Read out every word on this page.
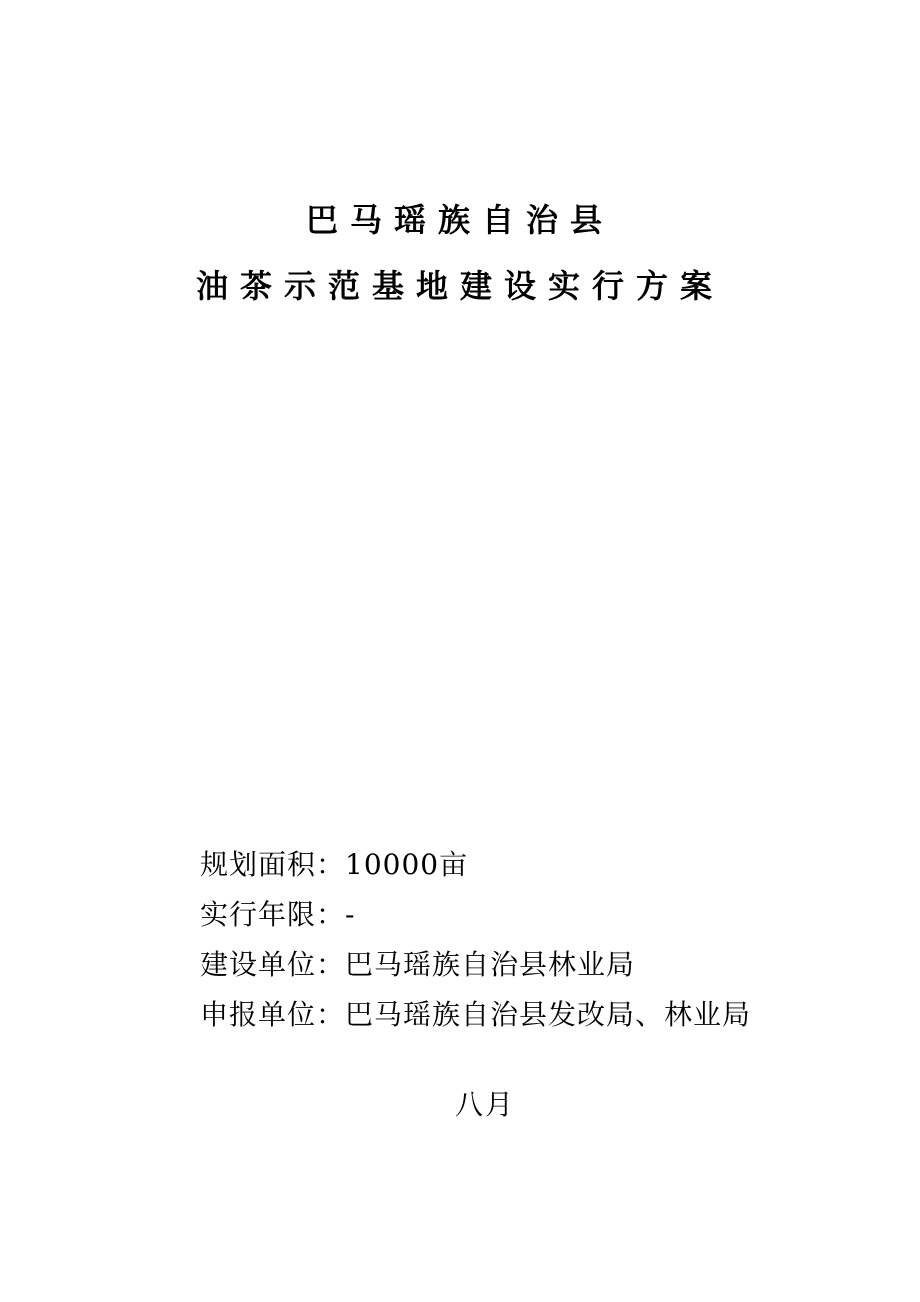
巴马瑶族自治县
油茶示范基地建设实行方案
规划面积：10000亩
实行年限：-
建设单位：巴马瑶族自治县林业局
申报单位：巴马瑶族自治县发改局、林业局
八月
